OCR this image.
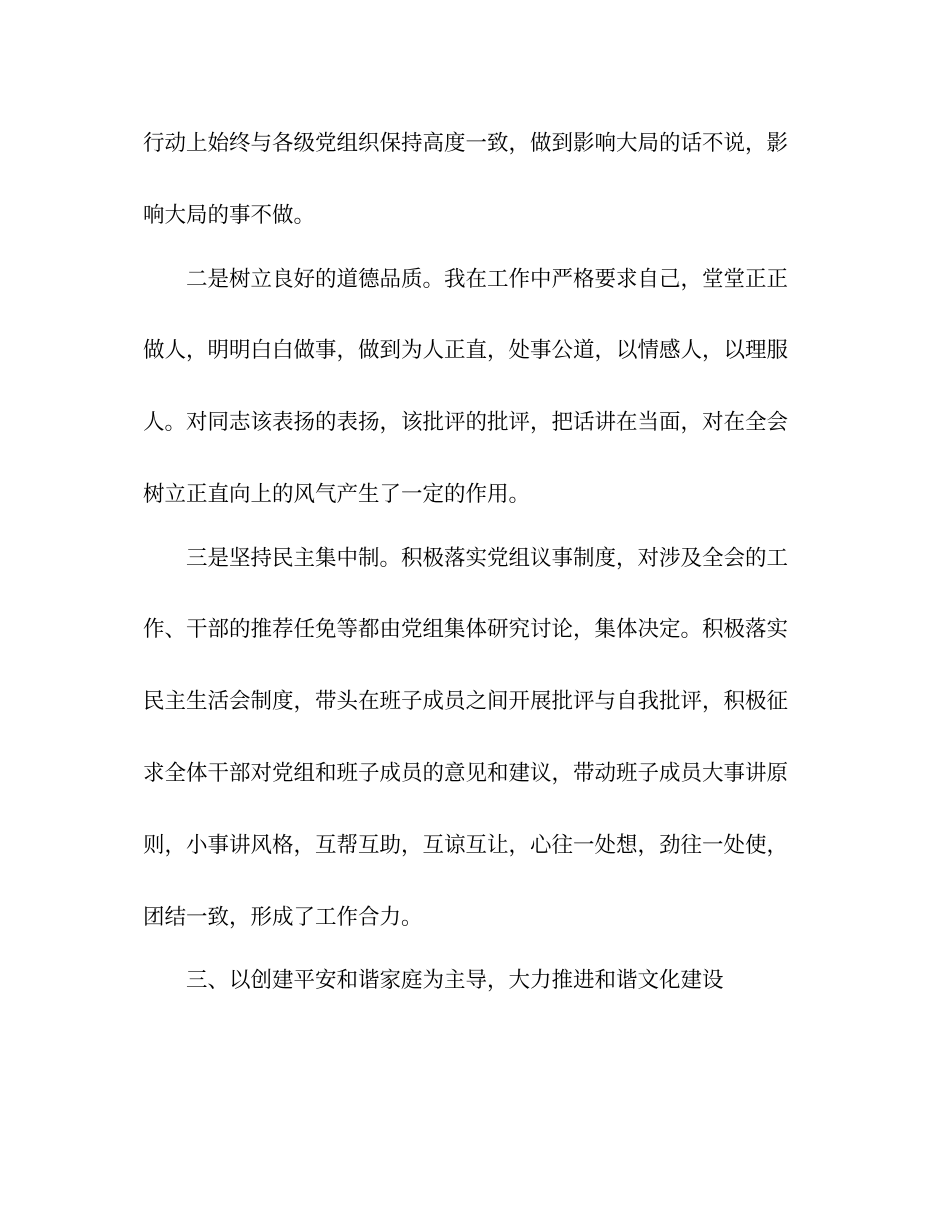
行动上始终与各级党组织保持高度一致，做到影响大局的话不说，影
响大局的事不做。
二是树立良好的道德品质。我在工作中严格要求自己，堂堂正正
做人，明明白白做事，做到为人正直，处事公道，以情感人，以理服
人。对同志该表扬的表扬，该批评的批评，把话讲在当面，对在全会
树立正直向上的风气产生了一定的作用。
三是坚持民主集中制。积极落实党组议事制度，对涉及全会的工
作、干部的推荐任免等都由党组集体研究讨论，集体决定。积极落实
民主生活会制度，带头在班子成员之间开展批评与自我批评，积极征
求全体干部对党组和班子成员的意见和建议，带动班子成员大事讲原
则，小事讲风格，互帮互助，互谅互让，心往一处想，劲往一处使，
团结一致，形成了工作合力。
三、以创建平安和谐家庭为主导，大力推进和谐文化建设
